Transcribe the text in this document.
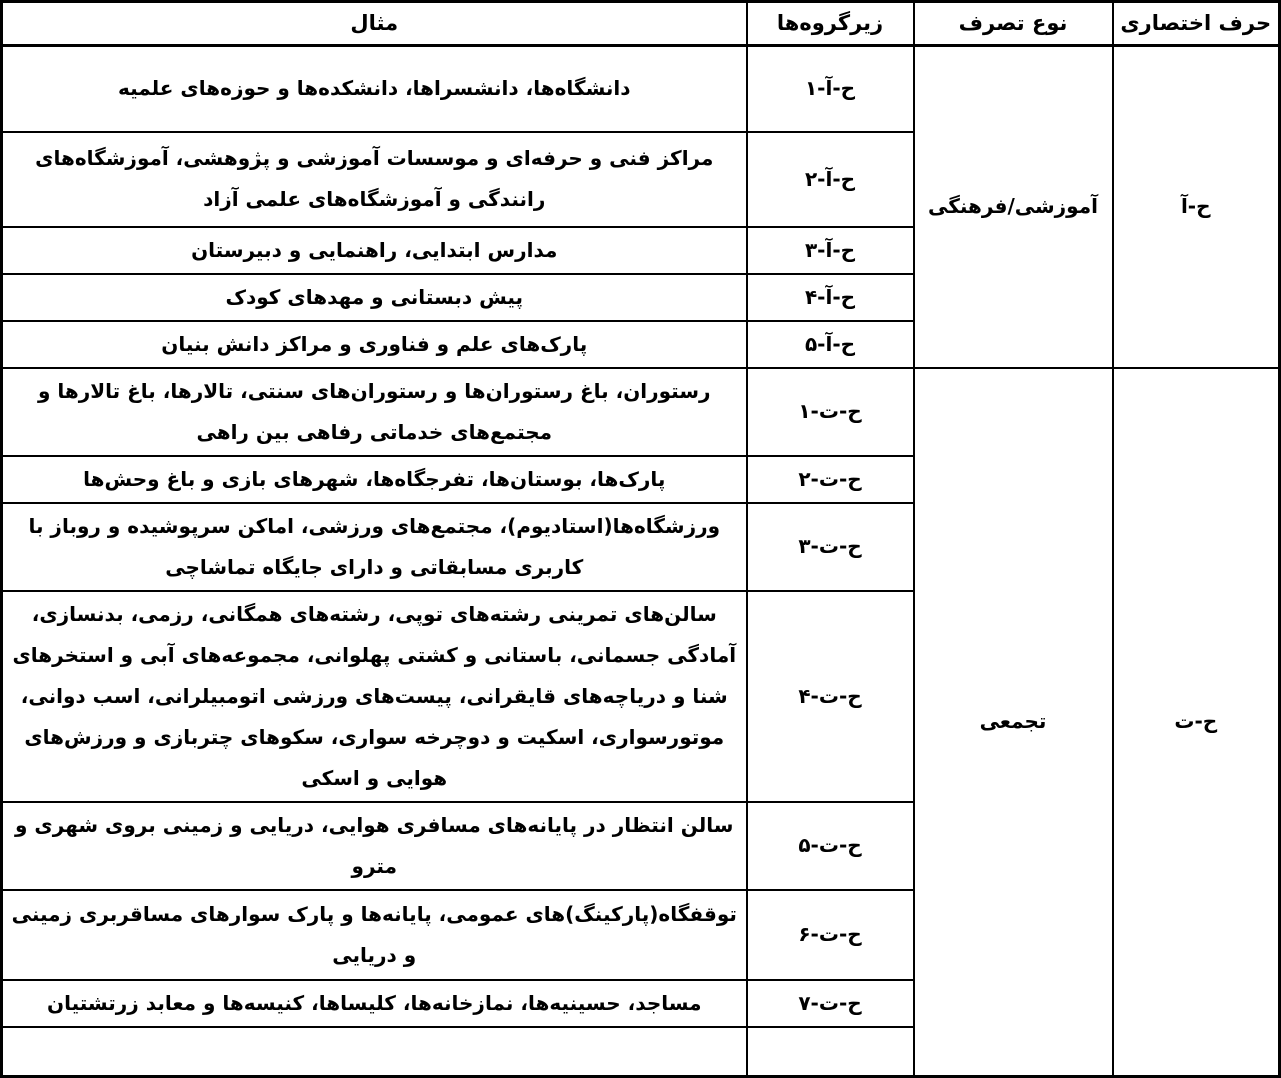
حرف اختصاری	نوع تصرف	زیرگروه‌ها	مثال
ح-آ	آموزشی/فرهنگی	ح-آ-۱	دانشگاه‌ها، دانشسراها، دانشکده‌ها و حوزه‌های علمیه
		ح-آ-۲	مراکز فنی و حرفه‌ای و موسسات آموزشی و پژوهشی، آموزشگاه‌های رانندگی و آموزشگاه‌های علمی آزاد
		ح-آ-۳	مدارس ابتدایی، راهنمایی و دبیرستان
		ح-آ-۴	پیش دبستانی و مهدهای کودک
		ح-آ-۵	پارک‌های علم و فناوری و مراکز دانش بنیان
ح-ت	تجمعی	ح-ت-۱	رستوران، باغ رستوران‌ها و رستوران‌های سنتی، تالارها، باغ تالارها و مجتمع‌های خدماتی رفاهی بین راهی
		ح-ت-۲	پارک‌ها، بوستان‌ها، تفرجگاه‌ها، شهرهای بازی و باغ وحش‌ها
		ح-ت-۳	ورزشگاه‌ها(استادیوم)، مجتمع‌های ورزشی، اماکن سرپوشیده و روباز با کاربری مسابقاتی و دارای جایگاه تماشاچی
		ح-ت-۴	سالن‌های تمرینی رشته‌های توپی، رشته‌های همگانی، رزمی، بدنسازی، آمادگی جسمانی، باستانی و کشتی پهلوانی، مجموعه‌های آبی و استخرهای شنا و دریاچه‌های قایقرانی، پیست‌های ورزشی اتومبیلرانی، اسب دوانی، موتورسواری، اسکیت و دوچرخه سواری، سکوهای چتربازی و ورزش‌های هوایی و اسکی
		ح-ت-۵	سالن انتظار در پایانه‌های مسافری هوایی، دریایی و زمینی بروی شهری و مترو
		ح-ت-۶	توقفگاه(پارکینگ)های عمومی، پایانه‌ها و پارک سوارهای مساقربری زمینی و دریایی
		ح-ت-۷	مساجد، حسینیه‌ها، نمازخانه‌ها، کلیساها، کنیسه‌ها و معابد زرتشتیان
